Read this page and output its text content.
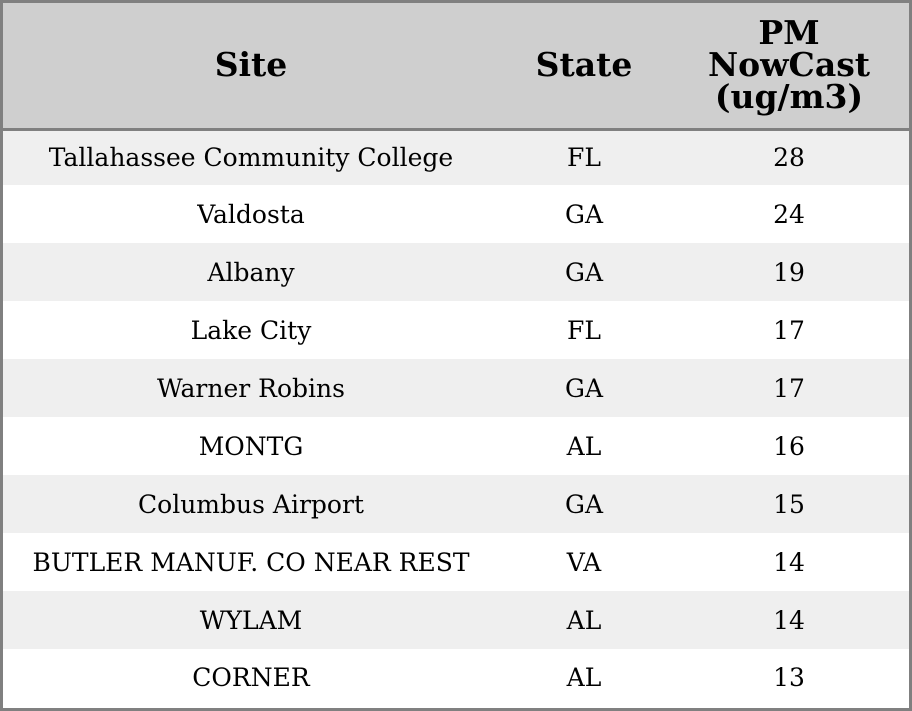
Site	State	PM
NowCast
(ug/m3)
Tallahassee Community College	FL	28
Valdosta	GA	24
Albany	GA	19
Lake City	FL	17
Warner Robins	GA	17
MONTG	AL	16
Columbus Airport	GA	15
BUTLER MANUF. CO NEAR REST	VA	14
WYLAM	AL	14
CORNER	AL	13
